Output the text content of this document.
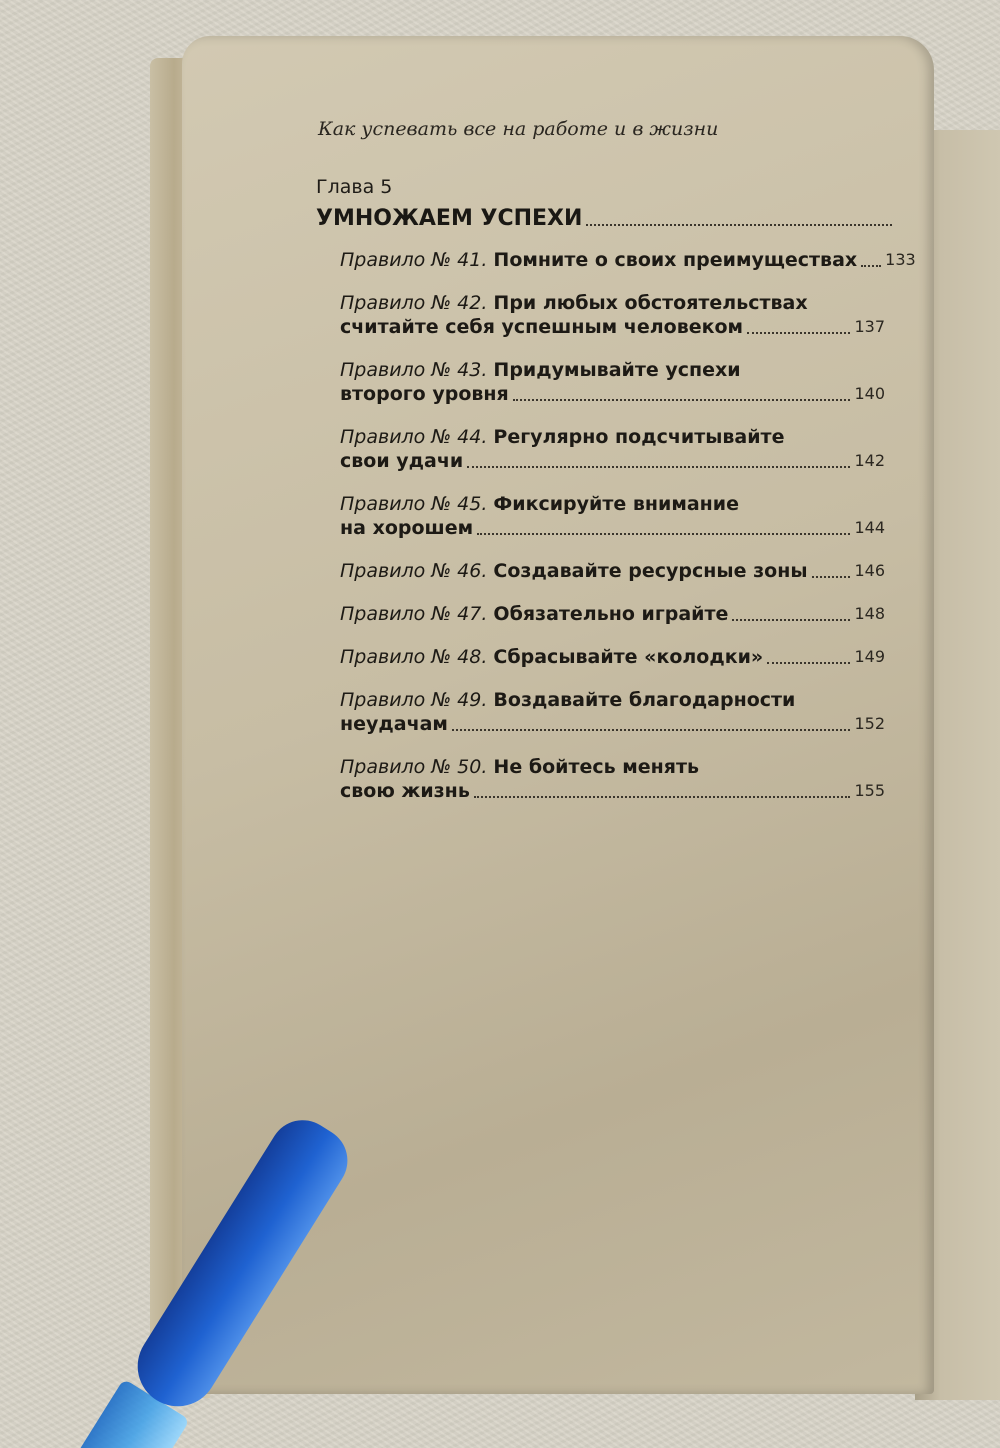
Как успевать все на работе и в жизни
Глава 5
УМНОЖАЕМ УСПЕХИ
Правило № 41.
Помните о своих преимуществах 133
Правило № 42.
При любых обстоятельствах
считайте себя успешным человеком	137
Правило № 43.
Придумывайте успехи
второго уровня	140
Правило № 44.
Регулярно подсчитывайте
свои удачи	142
Правило № 45.
Фиксируйте внимание
на хорошем	144
Правило № 46.
Создавайте ресурсные зоны	146
Правило № 47.
Обязательно играйте	148
Правило № 48.
Сбрасывайте «колодки»	149
Правило № 49.
Воздавайте благодарности
неудачам	152
Правило № 50.
Не бойтесь менять
свою жизнь	155
